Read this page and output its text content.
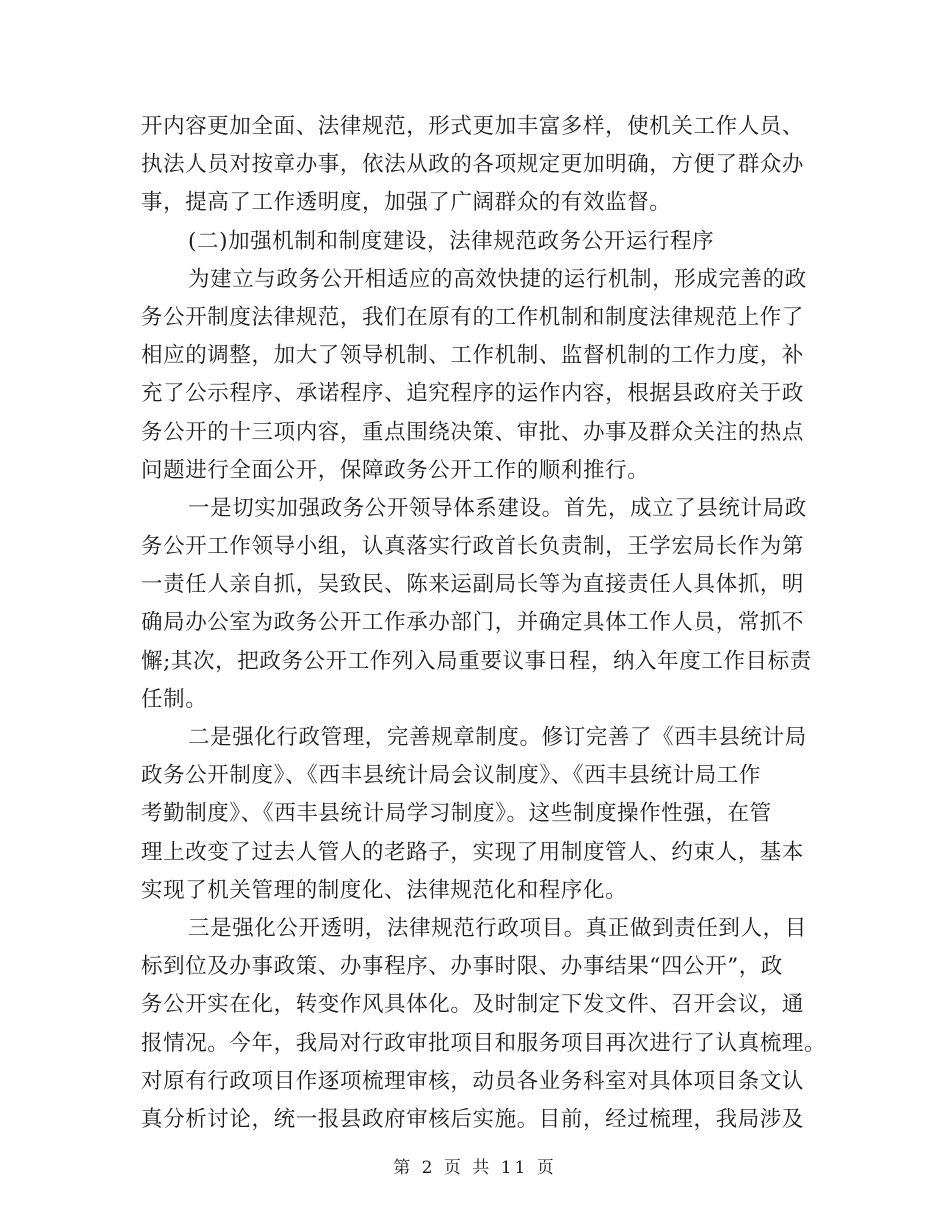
开内容更加全面、法律规范，形式更加丰富多样，使机关工作人员、
执法人员对按章办事，依法从政的各项规定更加明确，方便了群众办
事，提高了工作透明度，加强了广阔群众的有效监督。
(二)加强机制和制度建设，法律规范政务公开运行程序
为建立与政务公开相适应的高效快捷的运行机制，形成完善的政
务公开制度法律规范，我们在原有的工作机制和制度法律规范上作了
相应的调整，加大了领导机制、工作机制、监督机制的工作力度，补
充了公示程序、承诺程序、追究程序的运作内容，根据县政府关于政
务公开的十三项内容，重点围绕决策、审批、办事及群众关注的热点
问题进行全面公开，保障政务公开工作的顺利推行。
一是切实加强政务公开领导体系建设。首先，成立了县统计局政
务公开工作领导小组，认真落实行政首长负责制，王学宏局长作为第
一责任人亲自抓，吴致民、陈来运副局长等为直接责任人具体抓，明
确局办公室为政务公开工作承办部门，并确定具体工作人员，常抓不
懈;其次，把政务公开工作列入局重要议事日程，纳入年度工作目标责
任制。
二是强化行政管理，完善规章制度。修订完善了《西丰县统计局
政务公开制度》、《西丰县统计局会议制度》、《西丰县统计局工作
考勤制度》、《西丰县统计局学习制度》。这些制度操作性强，在管
理上改变了过去人管人的老路子，实现了用制度管人、约束人，基本
实现了机关管理的制度化、法律规范化和程序化。
三是强化公开透明，法律规范行政项目。真正做到责任到人，目
标到位及办事政策、办事程序、办事时限、办事结果“四公开”，政
务公开实在化，转变作风具体化。及时制定下发文件、召开会议，通
报情况。今年，我局对行政审批项目和服务项目再次进行了认真梳理。
对原有行政项目作逐项梳理审核，动员各业务科室对具体项目条文认
真分析讨论，统一报县政府审核后实施。目前，经过梳理，我局涉及
第 2 页 共 11 页
